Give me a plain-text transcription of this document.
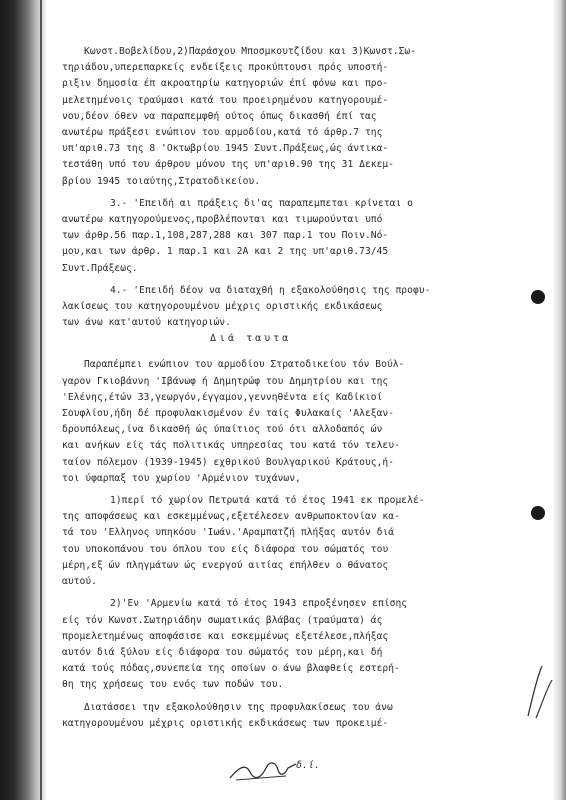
Κωνστ.Βοβελίδου,2)Παράσχου Μποσμκουτζίδου και 3)Κωνστ.Σω-
τηριάδου,υπερεπαρκείς ενδείξεις προκύπτουσι πρός υποστή-
ριξιν δημοσία έπ ακροατηρίω κατηγοριών έπί φόνω και προ-
μελετημένοις τραύμασι κατά του προειρημένου κατηγορουμέ-
νου,δέον όθεν να παραπεμφθή ούτος όπως δικασθή έπί τας
ανωτέρω πράξεσι ενώπιον του αρμοδίου,κατά τό άρθρ.7 της
υπ'αριθ.73 της 8 'Οκτωβρίου 1945 Συντ.Πράξεως,ώς άντικα-
τεστάθη υπό του άρθρου μόνου της υπ'αριθ.90 της 31 Δεκεμ-
βρίου 1945 τοιαύτης,Στρατοδικείου.
3.- 'Επειδή αι πράξεις δι'ας παραπεμπεται κρίνεται ο
ανωτέρω κατηγορούμενος,προβλέπονται και τιμωρούνται υπό
των άρθρ.56 παρ.1,108,287,288 και 307 παρ.1 του Ποιν.Νό-
μου,και των άρθρ. 1 παρ.1 και 2Α και 2 της υπ'αριθ.73/45
Συντ.Πράξεως.
4.- 'Επειδή δέον να διαταχθή η εξακολούθησις της προφυ-
λακίσεως του κατηγορουμένου μέχρις οριστικής εκδικάσεως
των άνω κατ'αυτού κατηγοριών.
Διά ταυτα
Παραπέμπει ενώπιον του αρμοδίου Στρατοδικείου τόν Βούλ-
γαρον Γκιοβάννη 'Ιβάνωφ ή Δημητρώφ του Δημητρίου και της
'Ελένης,έτών 33,γεωργόν,έγγαμον,γεννηθέντα είς Καδίκιοί
Σουφλίου,ήδη δέ προφυλακισμένον έν ταίς Φυλακαίς 'Αλεξαν-
δρουπόλεως,ίνα δικασθή ώς ύπαίτιος τού ότι αλλοδαπός ών
και ανήκων είς τάς πολιτικάς υπηρεσίας του κατά τόν τελευ-
ταίον πόλεμον (1939-1945) εχθρικού Βουλγαρικού Κράτους,ή-
τοι ύφαρπαξ του χωρίου 'Αρμένιον τυχάνων,
1)περί τό χωρίον Πετρωτά κατά τό έτος 1941 εκ προμελέ-
της αποφάσεως και εσκεμμένως,εξετέλεσεν ανθρωποκτονίαν κα-
τά του 'Ελληνος υπηκόου 'Ιωάν.'Αραμπατζή πλήξας αυτόν διά
του υποκοπάνου του όπλου του είς διάφορα του σώματός του
μέρη,εξ ών πληγμάτων ώς ενεργού αιτίας επήλθεν ο θάνατος
αυτού.
2)'Εν 'Αρμενίω κατά τό έτος 1943 επροξένησεν επίσης
είς τόν Κωνστ.Σωτηριάδην σωματικάς βλάβας (τραύματα) άς
προμελετημένως αποφάσισε και εσκεμμένως εξετέλεσε,πλήξας
αυτόν διά ξύλου είς διάφορα του σώματός του μέρη,και δή
κατά τούς πόδας,συνεπεία της οποίων ο άνω βλαφθείς εστερή-
θη της χρήσεως του ενός των ποδών του.
Διατάσσει την εξακολούθησιν της προφυλακίσεως του άνω
κατηγορουμένου μέχρις οριστικής εκδικάσεως των προκειμέ-
δ.ί.
